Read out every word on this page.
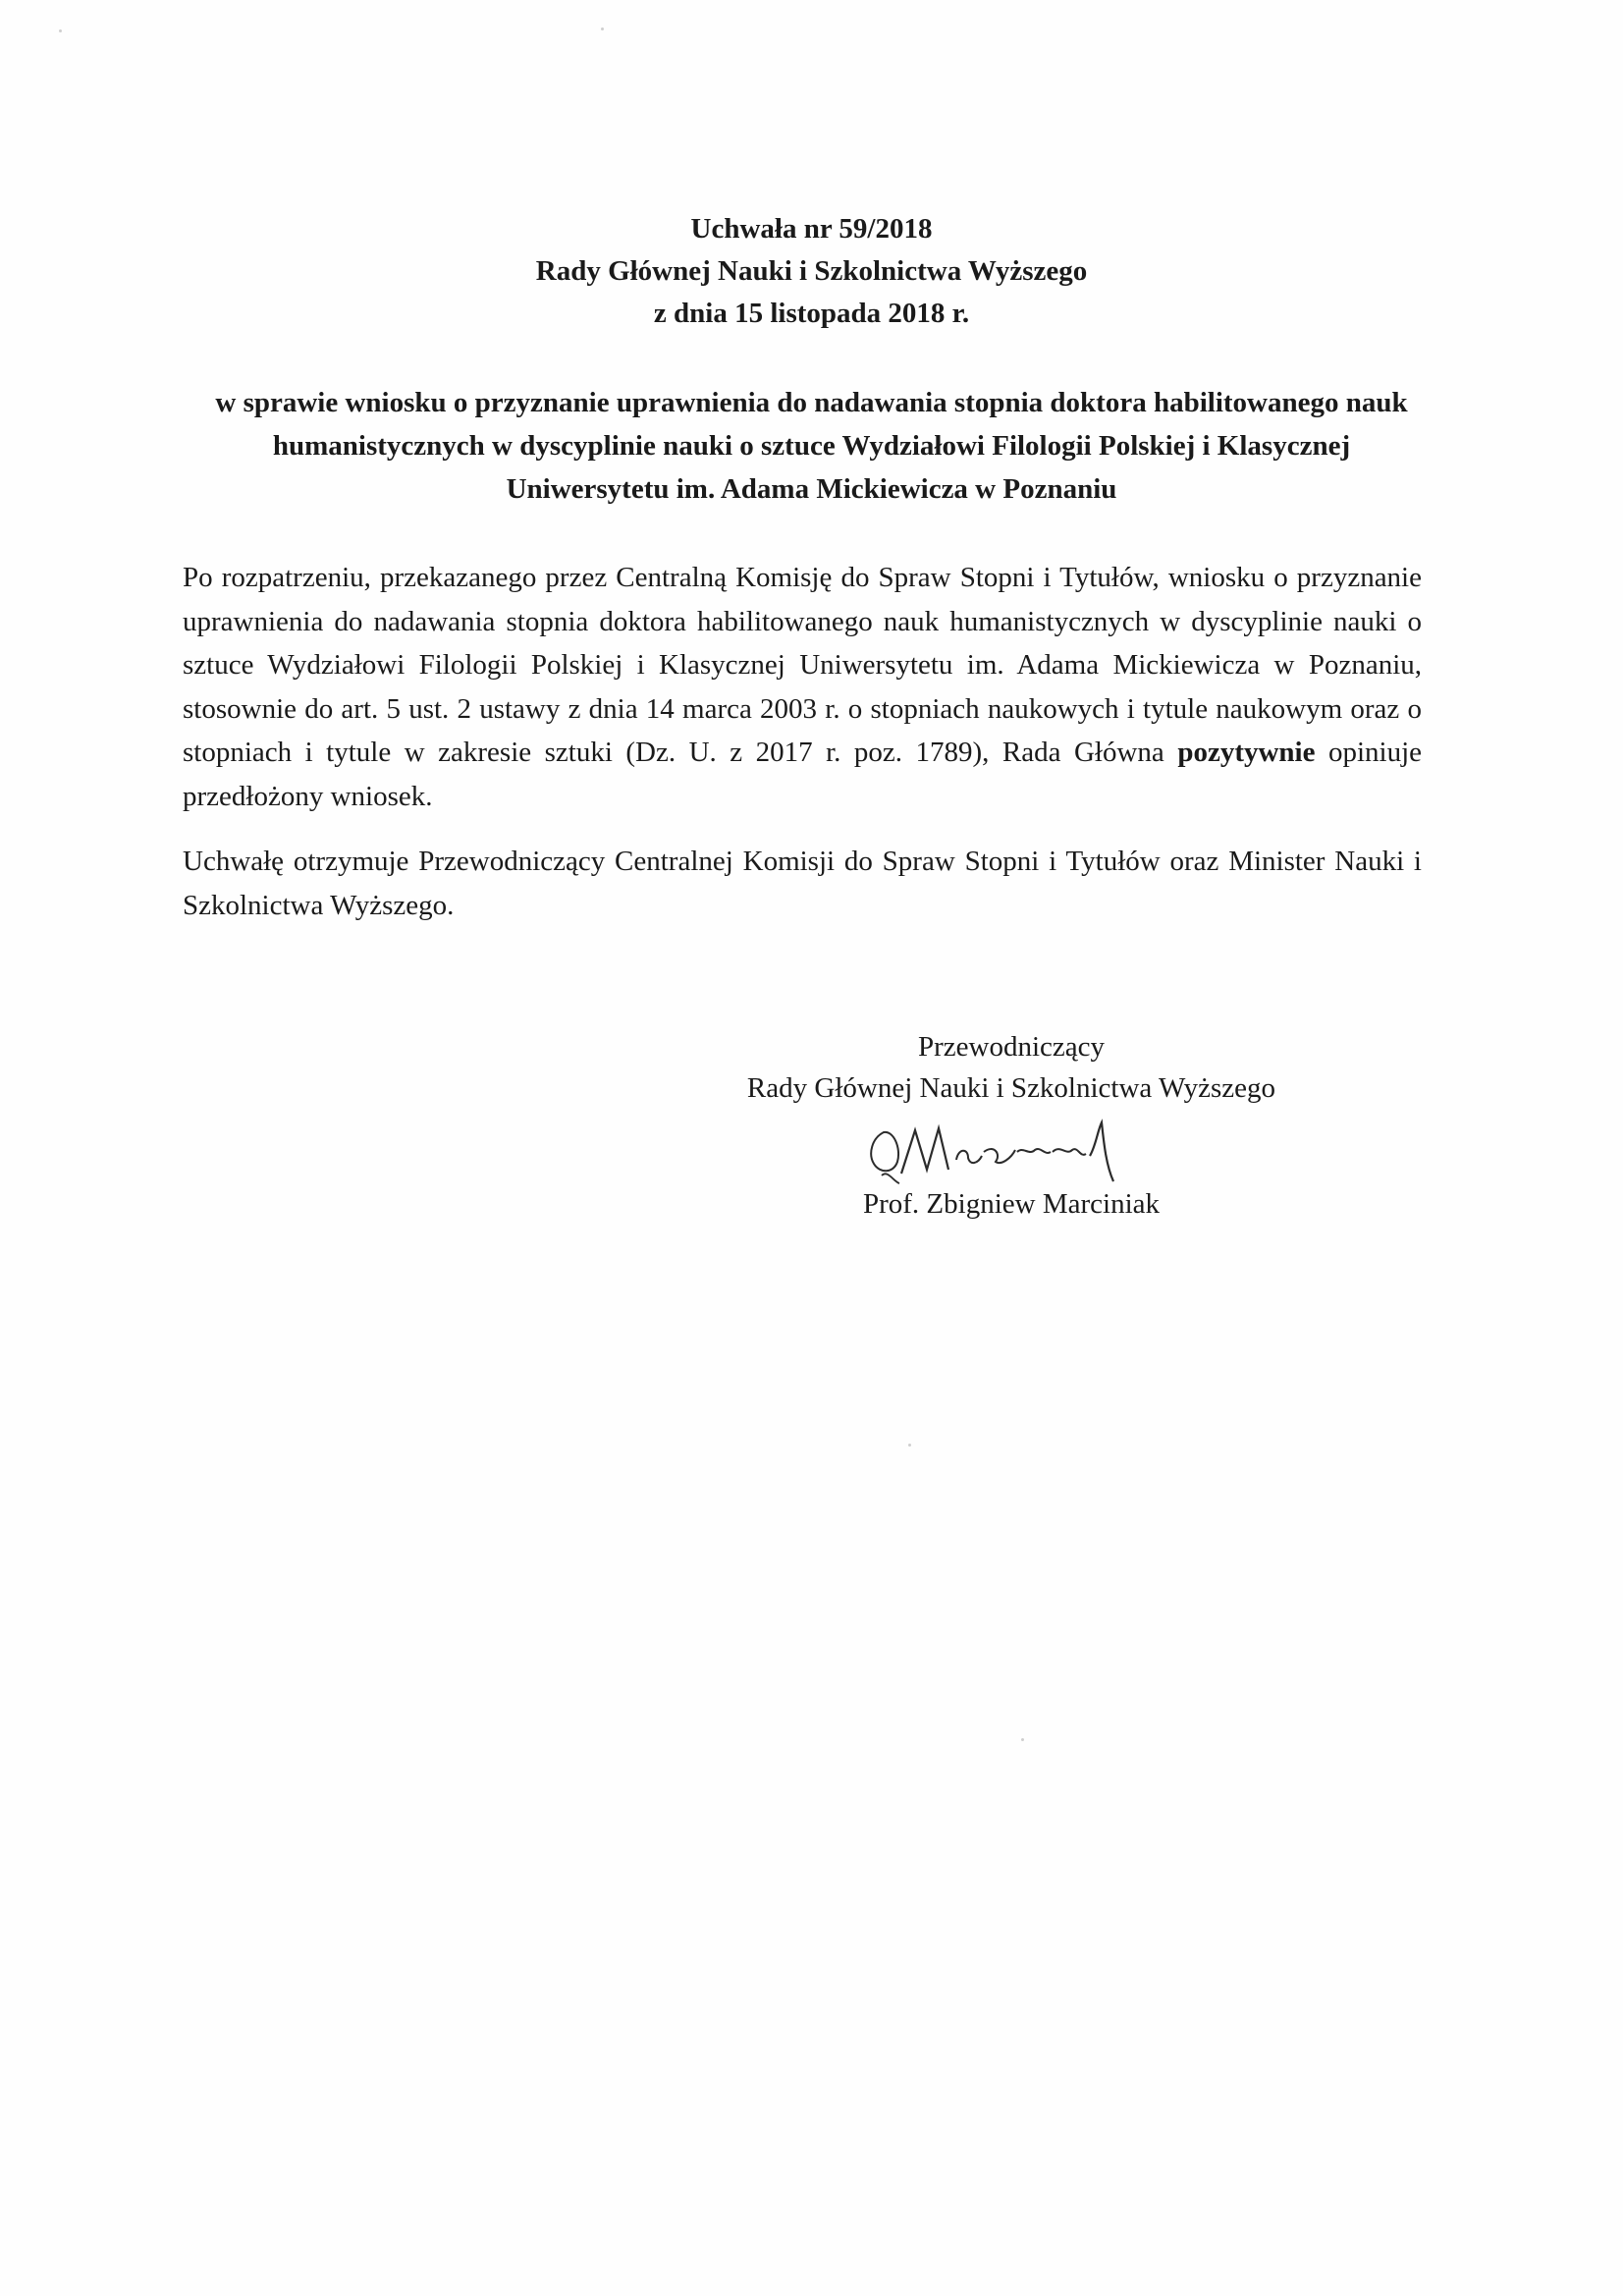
Uchwała nr 59/2018
Rady Głównej Nauki i Szkolnictwa Wyższego
z dnia 15 listopada 2018 r.
w sprawie wniosku o przyznanie uprawnienia do nadawania stopnia doktora habilitowanego nauk humanistycznych w dyscyplinie nauki o sztuce Wydziałowi Filologii Polskiej i Klasycznej Uniwersytetu im. Adama Mickiewicza w Poznaniu
Po rozpatrzeniu, przekazanego przez Centralną Komisję do Spraw Stopni i Tytułów, wniosku o przyznanie uprawnienia do nadawania stopnia doktora habilitowanego nauk humanistycznych w dyscyplinie nauki o sztuce Wydziałowi Filologii Polskiej i Klasycznej Uniwersytetu im. Adama Mickiewicza w Poznaniu, stosownie do art. 5 ust. 2 ustawy z dnia 14 marca 2003 r. o stopniach naukowych i tytule naukowym oraz o stopniach i tytule w zakresie sztuki (Dz. U. z 2017 r. poz. 1789), Rada Główna pozytywnie opiniuje przedłożony wniosek.
Uchwałę otrzymuje Przewodniczący Centralnej Komisji do Spraw Stopni i Tytułów oraz Minister Nauki i Szkolnictwa Wyższego.
Przewodniczący
Rady Głównej Nauki i Szkolnictwa Wyższego
Prof. Zbigniew Marciniak
